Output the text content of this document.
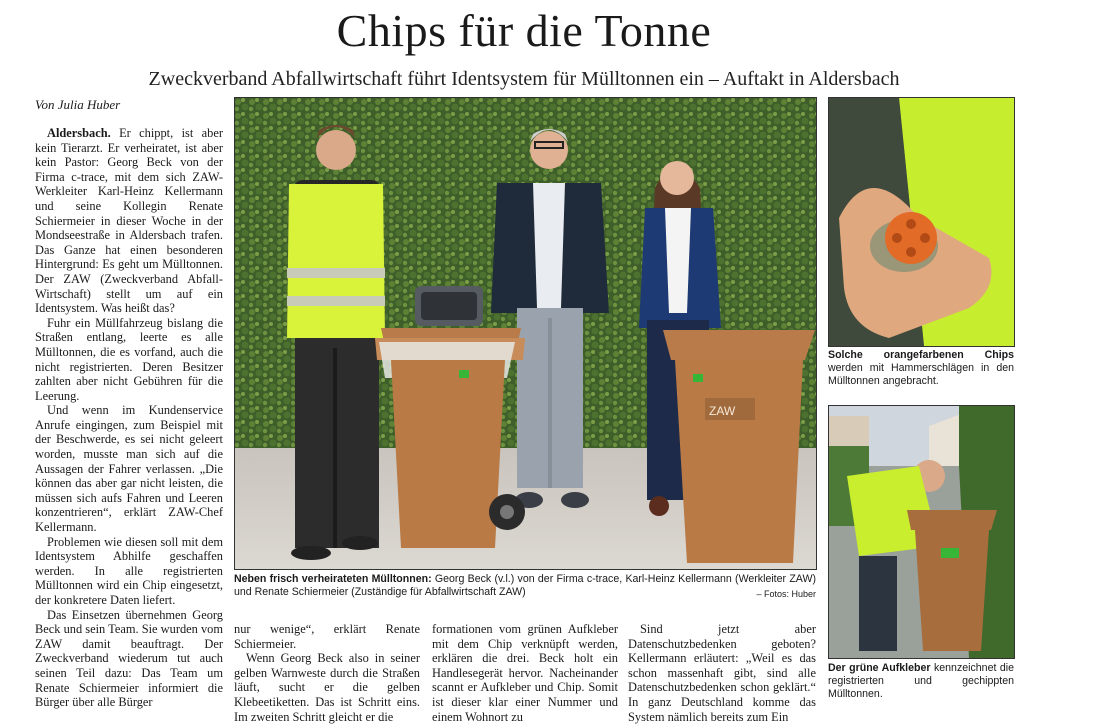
Chips für die Tonne
Zweckverband Abfallwirtschaft führt Identsystem für Mülltonnen ein – Auftakt in Aldersbach
Von Julia Huber

Aldersbach. Er chippt, ist aber kein Tierarzt. Er verheiratet, ist aber kein Pastor: Georg Beck von der Firma c-trace, mit dem sich ZAW-Werkleiter Karl-Heinz Kellermann und seine Kollegin Renate Schiermeier in dieser Woche in der Mondseestraße in Aldersbach trafen. Das Ganze hat einen besonderen Hintergrund: Es geht um Mülltonnen. Der ZAW (Zweckverband Abfall-Wirtschaft) stellt um auf ein Identsystem. Was heißt das?

Fuhr ein Müllfahrzeug bislang die Straßen entlang, leerte es alle Mülltonnen, die es vorfand, auch die nicht registrierten. Deren Besitzer zahlten aber nicht Gebühren für die Leerung.

Und wenn im Kundenservice Anrufe eingingen, zum Beispiel mit der Beschwerde, es sei nicht geleert worden, musste man sich auf die Aussagen der Fahrer verlassen. „Die können das aber gar nicht leisten, die müssen sich aufs Fahren und Leeren konzentrieren“, erklärt ZAW-Chef Kellermann.

Problemen wie diesen soll mit dem Identsystem Abhilfe geschaffen werden. In alle registrierten Mülltonnen wird ein Chip eingesetzt, der konkretere Daten liefert.

Das Einsetzen übernehmen Georg Beck und sein Team. Sie wurden vom ZAW damit beauftragt. Der Zweckverband wiederum tut auch seinen Teil dazu: Das Team um Renate Schiermeier informiert die Bürger über alle Bürger

ZAW
Neben frisch verheirateten Mülltonnen: Georg Beck (v.l.) von der Firma c-trace, Karl-Heinz Kellermann (Werkleiter ZAW) und Renate Schiermeier (Zuständige für Abfallwirtschaft ZAW)	– Fotos: Huber
Solche orangefarbenen Chips werden mit Hammerschlägen in den Mülltonnen angebracht.
Der grüne Aufkleber kennzeichnet die registrierten und gechippten Mülltonnen.

nur wenige“, erklärt Renate Schiermeier.

Wenn Georg Beck also in seiner gelben Warnweste durch die Straßen läuft, sucht er die gelben Klebeetiketten. Das ist Schritt eins. Im zweiten Schritt gleicht er die

formationen vom grünen Aufkleber mit dem Chip verknüpft werden, erklären die drei. Beck holt ein Handlesegerät hervor. Nacheinander scannt er Aufkleber und Chip. Somit ist dieser klar einer Nummer und einem Wohnort zu

Sind jetzt aber Datenschutzbedenken geboten? Kellermann erläutert: „Weil es das schon massenhaft gibt, sind alle Datenschutzbedenken schon geklärt.“ In ganz Deutschland komme das System nämlich bereits zum Ein
